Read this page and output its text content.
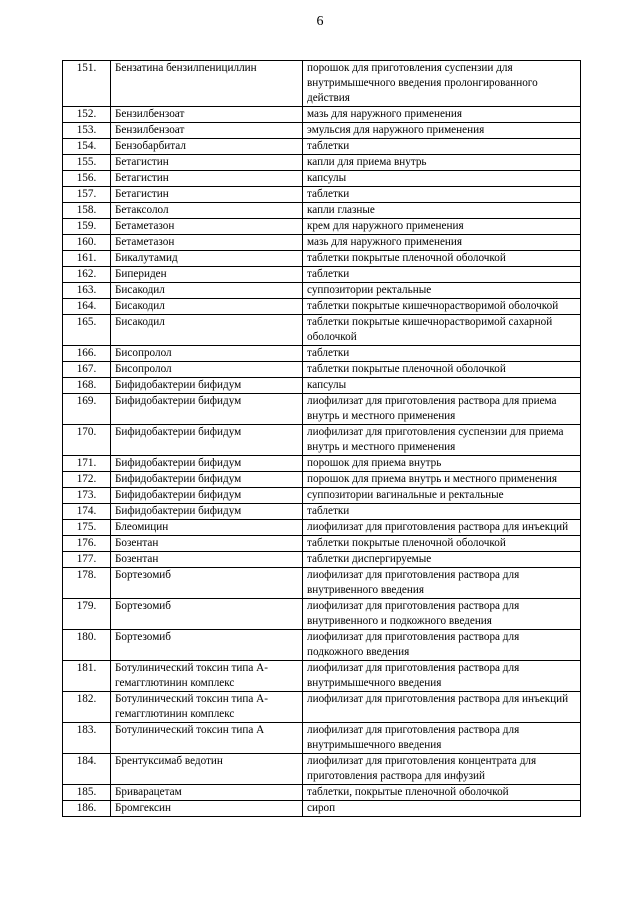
6
151.	Бензатина бензилпенициллин	порошок для приготовления суспензии для внутримышечного введения пролонгированного действия
152.	Бензилбензоат	мазь для наружного применения
153.	Бензилбензоат	эмульсия для наружного применения
154.	Бензобарбитал	таблетки
155.	Бетагистин	капли для приема внутрь
156.	Бетагистин	капсулы
157.	Бетагистин	таблетки
158.	Бетаксолол	капли глазные
159.	Бетаметазон	крем для наружного применения
160.	Бетаметазон	мазь для наружного применения
161.	Бикалутамид	таблетки покрытые пленочной оболочкой
162.	Бипериден	таблетки
163.	Бисакодил	суппозитории ректальные
164.	Бисакодил	таблетки покрытые кишечнорастворимой оболочкой
165.	Бисакодил	таблетки покрытые кишечнорастворимой сахарной оболочкой
166.	Бисопролол	таблетки
167.	Бисопролол	таблетки покрытые пленочной оболочкой
168.	Бифидобактерии бифидум	капсулы
169.	Бифидобактерии бифидум	лиофилизат для приготовления раствора для приема внутрь и местного применения
170.	Бифидобактерии бифидум	лиофилизат для приготовления суспензии для приема внутрь и местного применения
171.	Бифидобактерии бифидум	порошок для приема внутрь
172.	Бифидобактерии бифидум	порошок для приема внутрь и местного применения
173.	Бифидобактерии бифидум	суппозитории вагинальные и ректальные
174.	Бифидобактерии бифидум	таблетки
175.	Блеомицин	лиофилизат для приготовления раствора для инъекций
176.	Бозентан	таблетки покрытые пленочной оболочкой
177.	Бозентан	таблетки диспергируемые
178.	Бортезомиб	лиофилизат для приготовления раствора для внутривенного введения
179.	Бортезомиб	лиофилизат для приготовления раствора для внутривенного и подкожного введения
180.	Бортезомиб	лиофилизат для приготовления раствора для подкожного введения
181.	Ботулинический токсин типа А-гемагглютинин комплекс	лиофилизат для приготовления раствора для внутримышечного введения
182.	Ботулинический токсин типа А-гемагглютинин комплекс	лиофилизат для приготовления раствора для инъекций
183.	Ботулинический токсин типа А	лиофилизат для приготовления раствора для внутримышечного введения
184.	Брентуксимаб ведотин	лиофилизат для приготовления концентрата для приготовления раствора для инфузий
185.	Бриварацетам	таблетки, покрытые пленочной оболочкой
186.	Бромгексин	сироп
